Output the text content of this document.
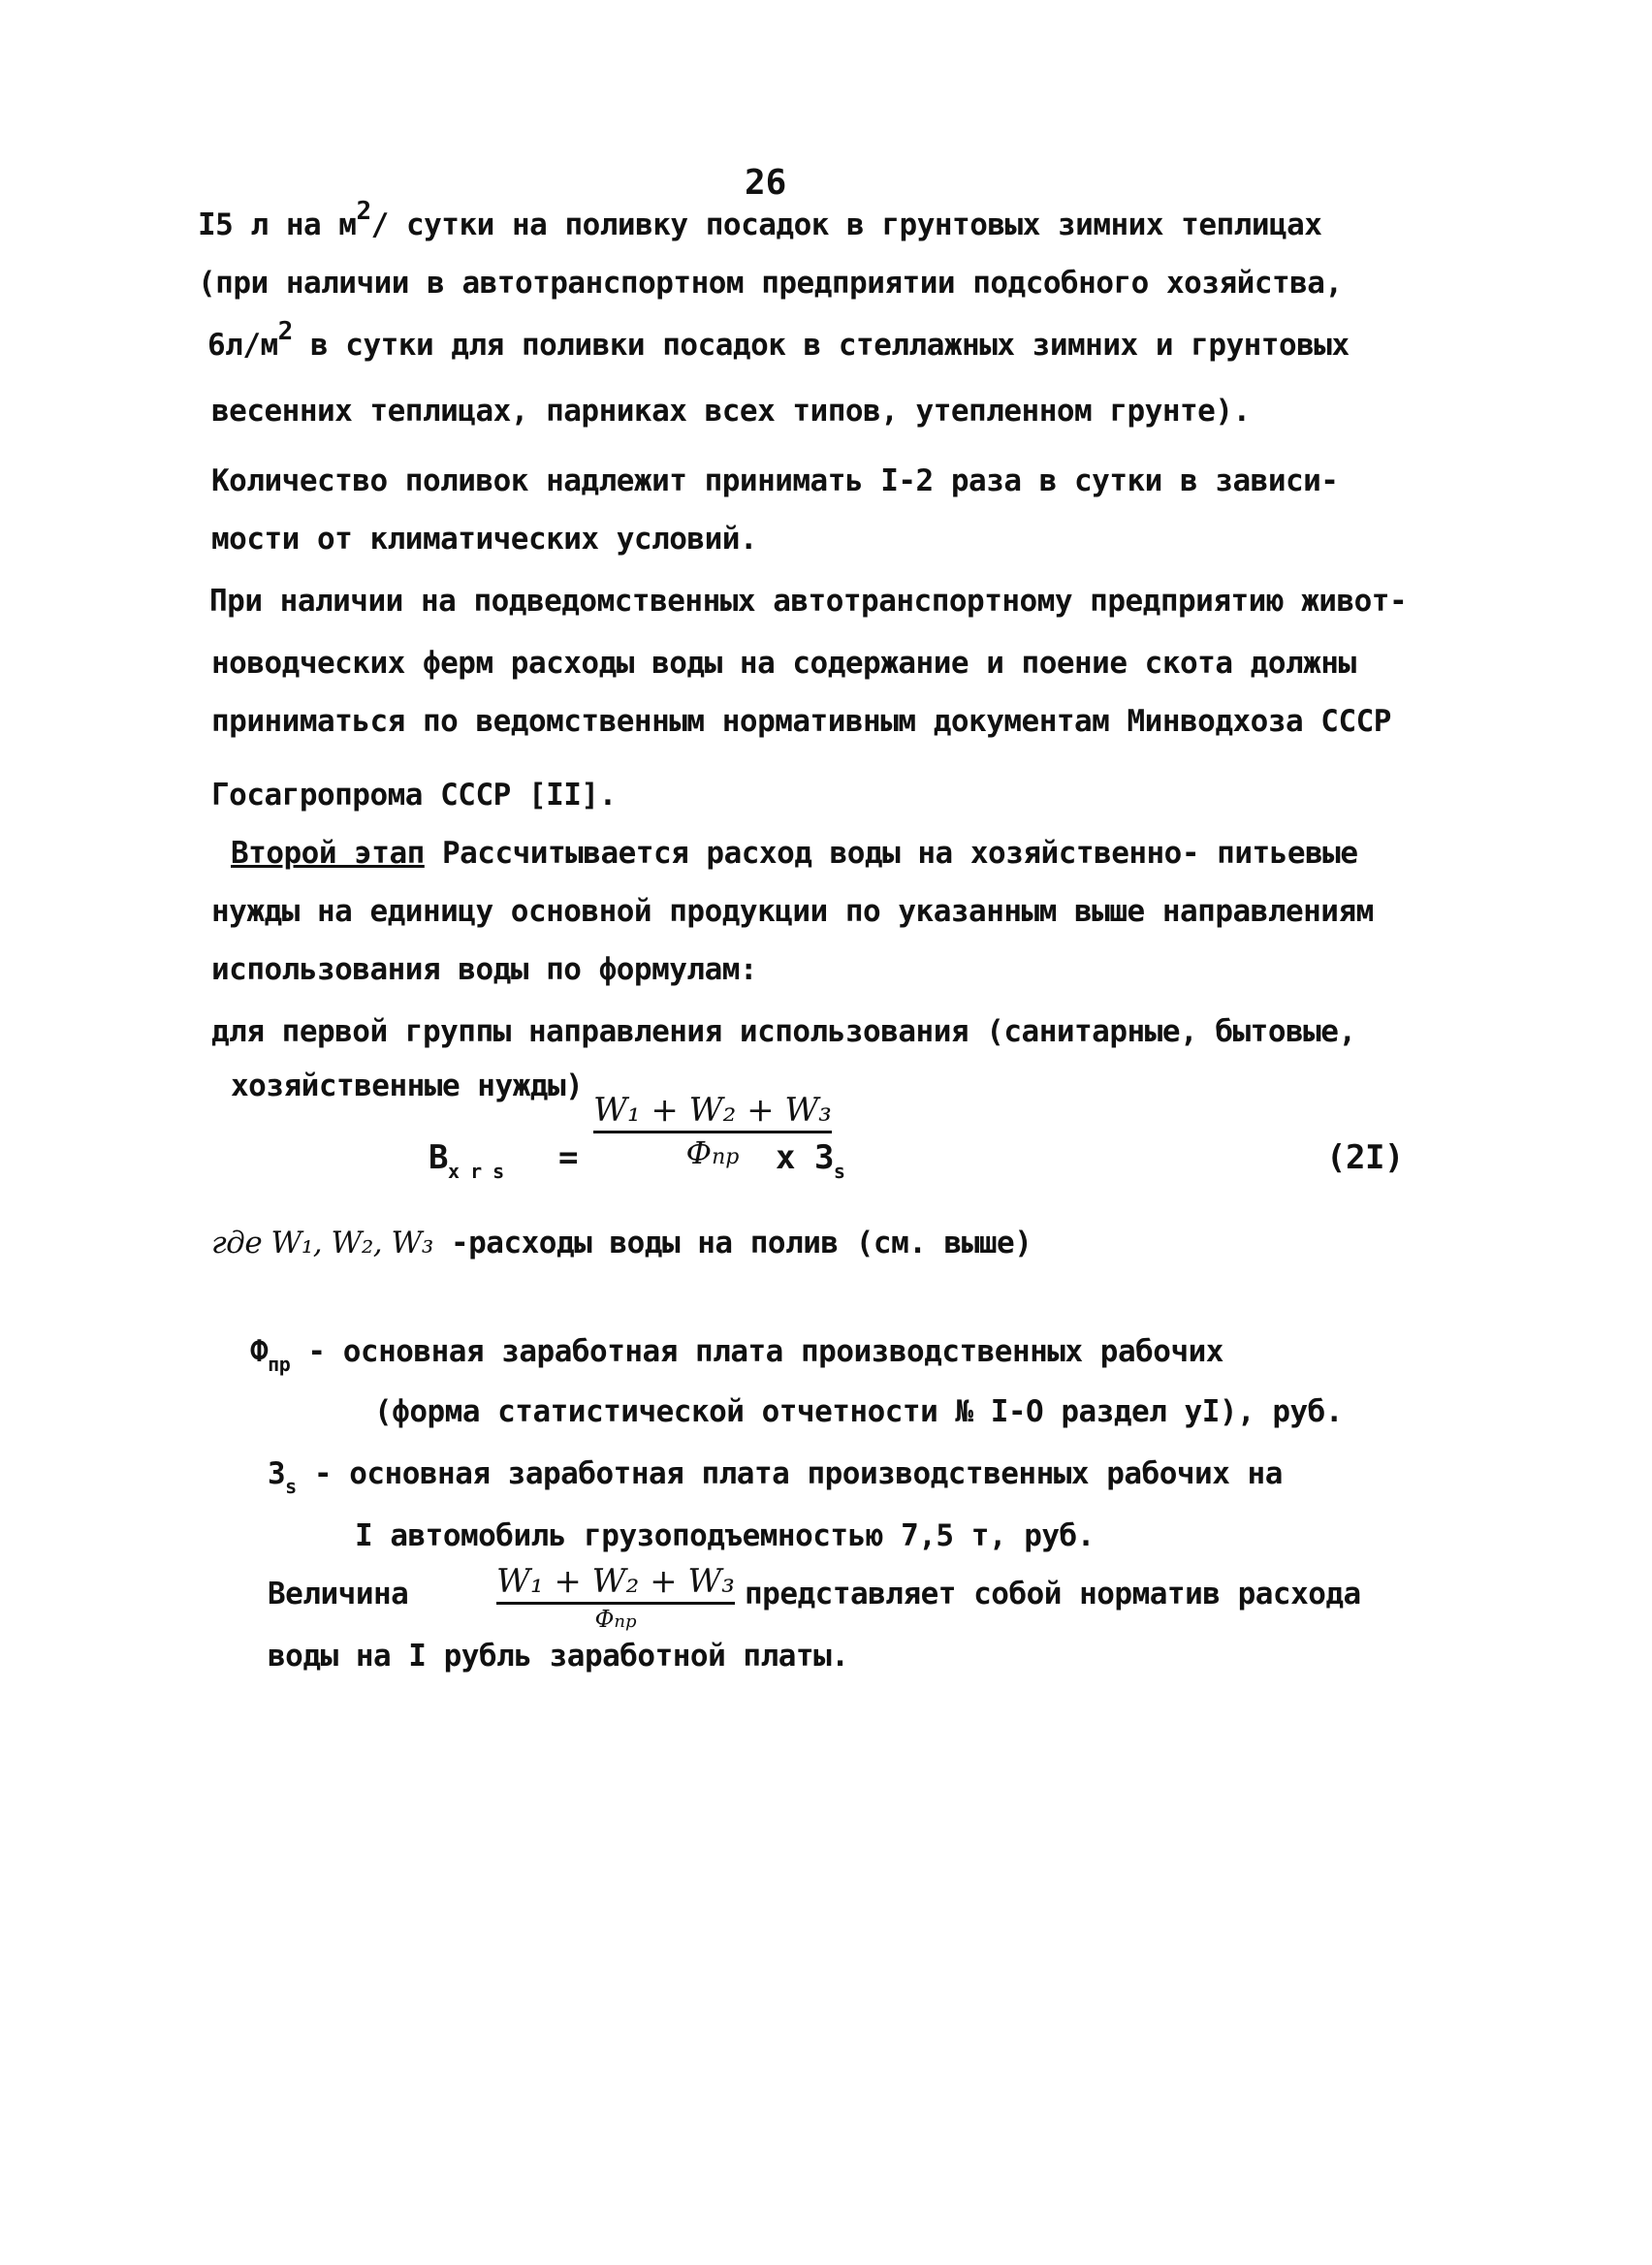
26
I5 л на $м^2/$ сутки на поливку посадок в грунтовых зимних теплицах
(при наличии в автотранспортном предприятии подсобного хозяйства,
$6л/м^2$ в сутки для поливки посадок в стеллажных зимних и грунтовых
весенних теплицах, парниках всех типов, утепленном грунте).
Количество поливок надлежит принимать I-2 раза в сутки в зависи-
мости от климатических условий.
При наличии на подведомственных автотранспортному предприятию живот-
новодческих ферм расходы воды на содержание и поение скота должны
приниматься по ведомственным нормативным документам Минводхоза СССР
Госагропрома СССР [II].
Второй этап Рассчитывается расход воды на хозяйственно- питьевые
нужды на единицу основной продукции по указанным выше направлениям
использования воды по формулам:
для первой группы направления использования (санитарные, бытовые,
хозяйственные нужды)
$B_{x r s}$ =
W₁ + W₂ + W₃
Фпр x $З_s$	(2I)
где W₁, W₂, W₃ -расходы воды на полив (см. выше)
$Ф_{пр}$ - основная заработная плата производственных рабочих
(форма статистической отчетности № I-О раздел уI), руб.
$З_s$ - основная заработная плата производственных рабочих на
I автомобиль грузоподъемностью 7,5 т, руб.
Величина	W₁ + W₂ + W₃
Фпр
представляет собой норматив расхода
воды на I рубль заработной платы.
